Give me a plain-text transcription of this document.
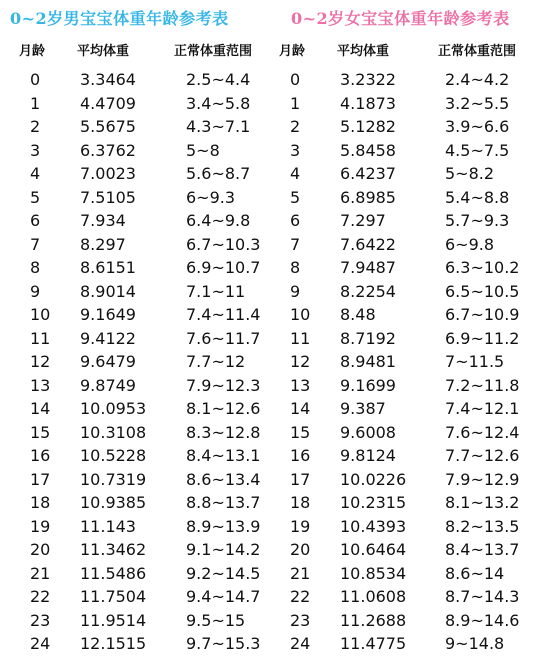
0~2岁男宝宝体重年龄参考表
月龄 平均体重	正常体重范围
0 3.3464	2.5~4.4
1 4.4709	3.4~5.8
2 5.5675	4.3~7.1
3 6.3762	5~8
4 7.0023	5.6~8.7
5 7.5105	6~9.3
6 7.934	6.4~9.8
7 8.297	6.7~10.3
8 8.6151	6.9~10.7
9 8.9014	7.1~11
10 9.1649	7.4~11.4
11 9.4122	7.6~11.7
12 9.6479	7.7~12
13 9.8749	7.9~12.3
14 10.0953 8.1~12.6
15 10.3108 8.3~12.8
16 10.5228 8.4~13.1
17 10.7319 8.6~13.4
18 10.9385 8.8~13.7
19 11.143	8.9~13.9
20 11.3462 9.1~14.2
21 11.5486 9.2~14.5
22 11.7504 9.4~14.7
23 11.9514 9.5~15
24 12.1515 9.7~15.3
0~2岁女宝宝体重年龄参考表
月龄 平均体重	正常体重范围
0 3.2322	2.4~4.2
1 4.1873	3.2~5.5
2 5.1282	3.9~6.6
3 5.8458	4.5~7.5
4 6.4237	5~8.2
5 6.8985	5.4~8.8
6 7.297	5.7~9.3
7 7.6422	6~9.8
8 7.9487	6.3~10.2
9 8.2254	6.5~10.5
10 8.48	6.7~10.9
11 8.7192	6.9~11.2
12 8.9481	7~11.5
13 9.1699	7.2~11.8
14 9.387	7.4~12.1
15 9.6008	7.6~12.4
16 9.8124	7.7~12.6
17 10.0226 7.9~12.9
18 10.2315 8.1~13.2
19 10.4393 8.2~13.5
20 10.6464 8.4~13.7
21 10.8534 8.6~14
22 11.0608 8.7~14.3
23 11.2688 8.9~14.6
24 11.4775 9~14.8
